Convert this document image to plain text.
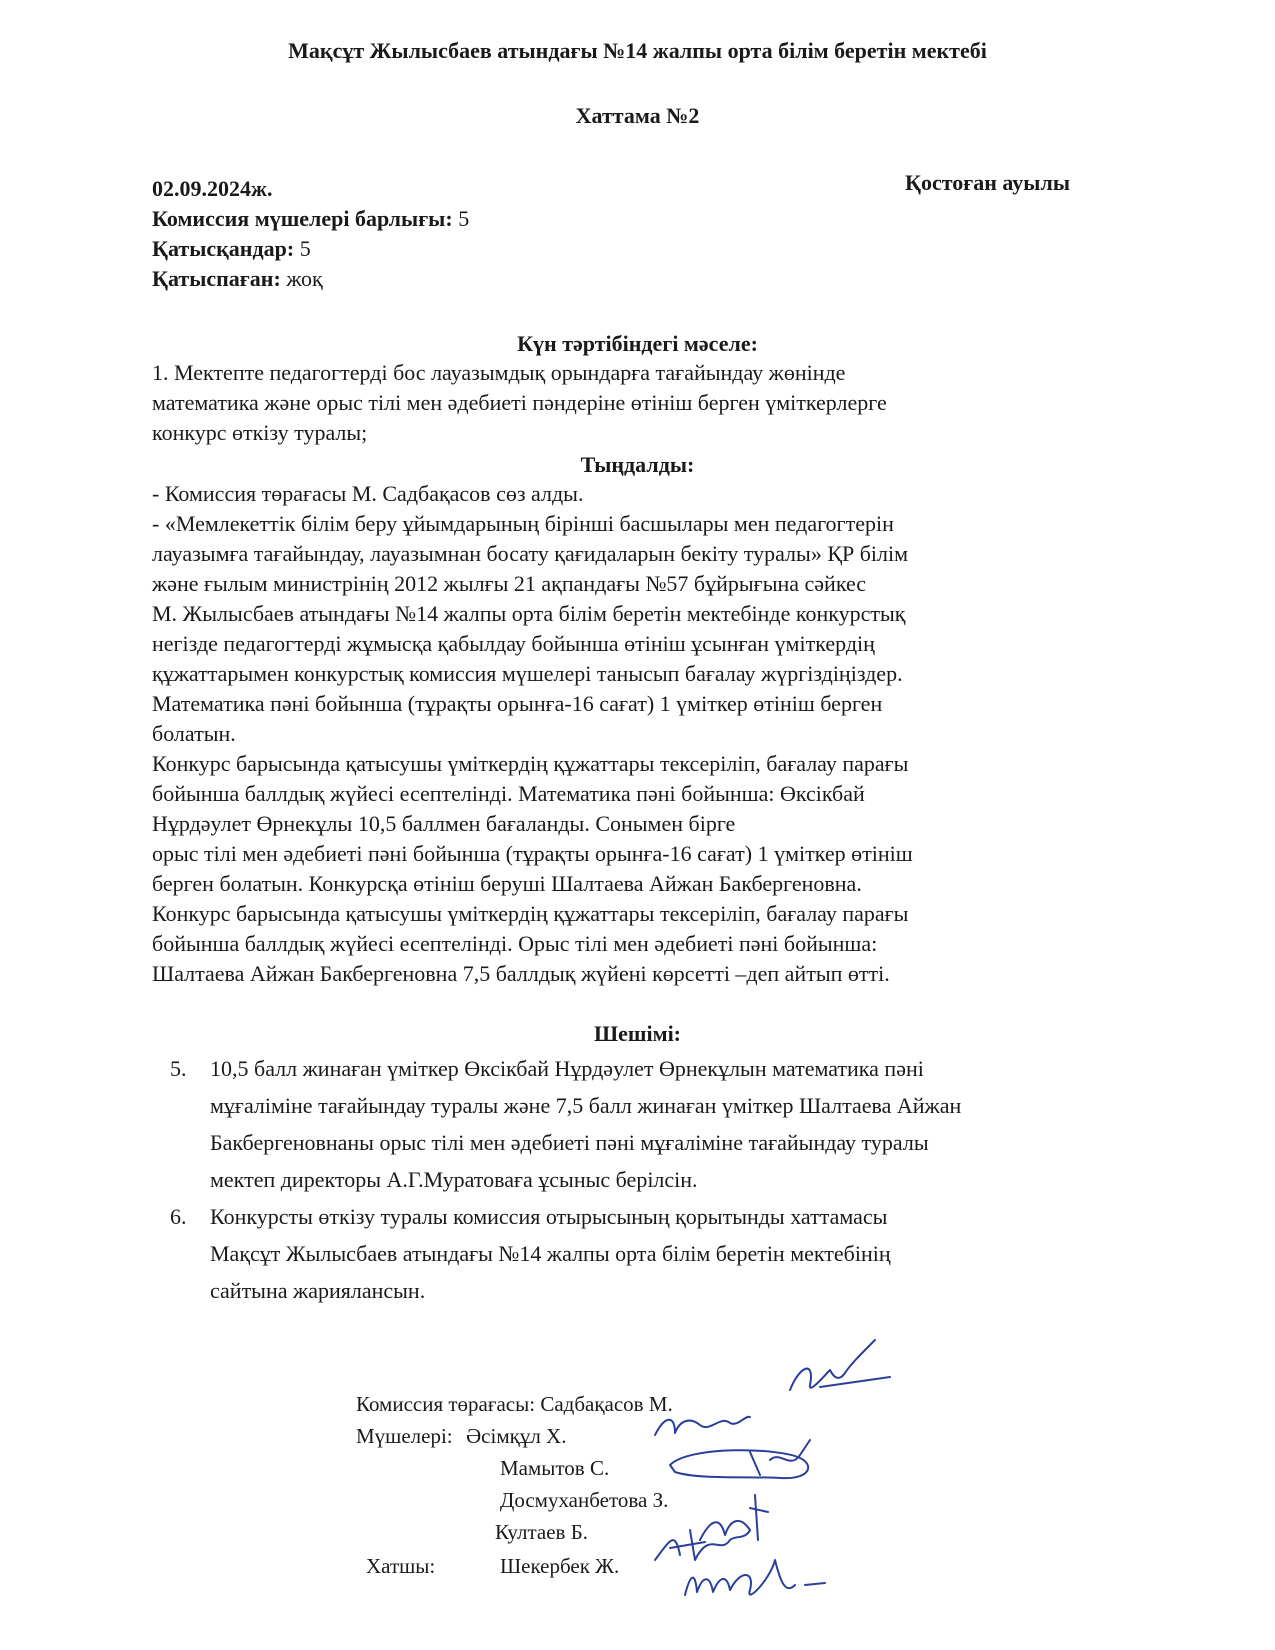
Мақсұт Жылысбаев атындағы №14 жалпы орта білім беретін мектебі
Хаттама №2
02.09.2024ж.	Қостоған ауылы
Комиссия мүшелері барлығы: 5
Қатысқандар: 5
Қатыспаған: жоқ
Күн тәртібіндегі мәселе:
1. Мектепте педагогтерді бос лауазымдық орындарға тағайындау жөнінде
математика және орыс тілі мен әдебиеті пәндеріне өтініш берген үміткерлерге
конкурс өткізу туралы;
Тыңдалды:
- Комиссия төрағасы М. Садбақасов сөз алды.
- «Мемлекеттік білім беру ұйымдарының бірінші басшылары мен педагогтерін
лауазымға тағайындау, лауазымнан босату қағидаларын бекіту туралы» ҚР білім
және ғылым министрінің 2012 жылғы 21 ақпандағы №57 бұйрығына сәйкес
М. Жылысбаев атындағы №14 жалпы орта білім беретін мектебінде конкурстық
негізде педагогтерді жұмысқа қабылдау бойынша өтініш ұсынған үміткердің
құжаттарымен конкурстық комиссия мүшелері танысып бағалау жүргіздіңіздер.
Математика пәні бойынша (тұрақты орынға-16 сағат) 1 үміткер өтініш берген
болатын.
Конкурс барысында қатысушы үміткердің құжаттары тексеріліп, бағалау парағы
бойынша баллдық жүйесі есептелінді. Математика пәні бойынша: Өксікбай
Нұрдәулет Өрнекұлы 10,5 баллмен бағаланды. Сонымен бірге
орыс тілі мен әдебиеті пәні бойынша (тұрақты орынға-16 сағат) 1 үміткер өтініш
берген болатын. Конкурсқа өтініш беруші Шалтаева Айжан Бакбергеновна.
Конкурс барысында қатысушы үміткердің құжаттары тексеріліп, бағалау парағы
бойынша баллдық жүйесі есептелінді. Орыс тілі мен әдебиеті пәні бойынша:
Шалтаева Айжан Бакбергеновна 7,5 баллдық жүйені көрсетті –деп айтып өтті.
Шешімі:
5. 10,5 балл жинаған үміткер Өксікбай Нұрдәулет Өрнекұлын математика пәні
мұғаліміне тағайындау туралы және 7,5 балл жинаған үміткер Шалтаева Айжан
Бакбергеновнаны орыс тілі мен әдебиеті пәні мұғаліміне тағайындау туралы
мектеп директоры А.Г.Муратоваға ұсыныс берілсін.
6. Конкурсты өткізу туралы комиссия отырысының қорытынды хаттамасы
Мақсұт Жылысбаев атындағы №14 жалпы орта білім беретін мектебінің
сайтына жариялансын.
Комиссия төрағасы: Садбақасов М.
Мүшелері: Әсімқұл Х.
Мамытов С.
Досмуханбетова З.
Култаев Б.
Хатшы:	Шекербек Ж.
